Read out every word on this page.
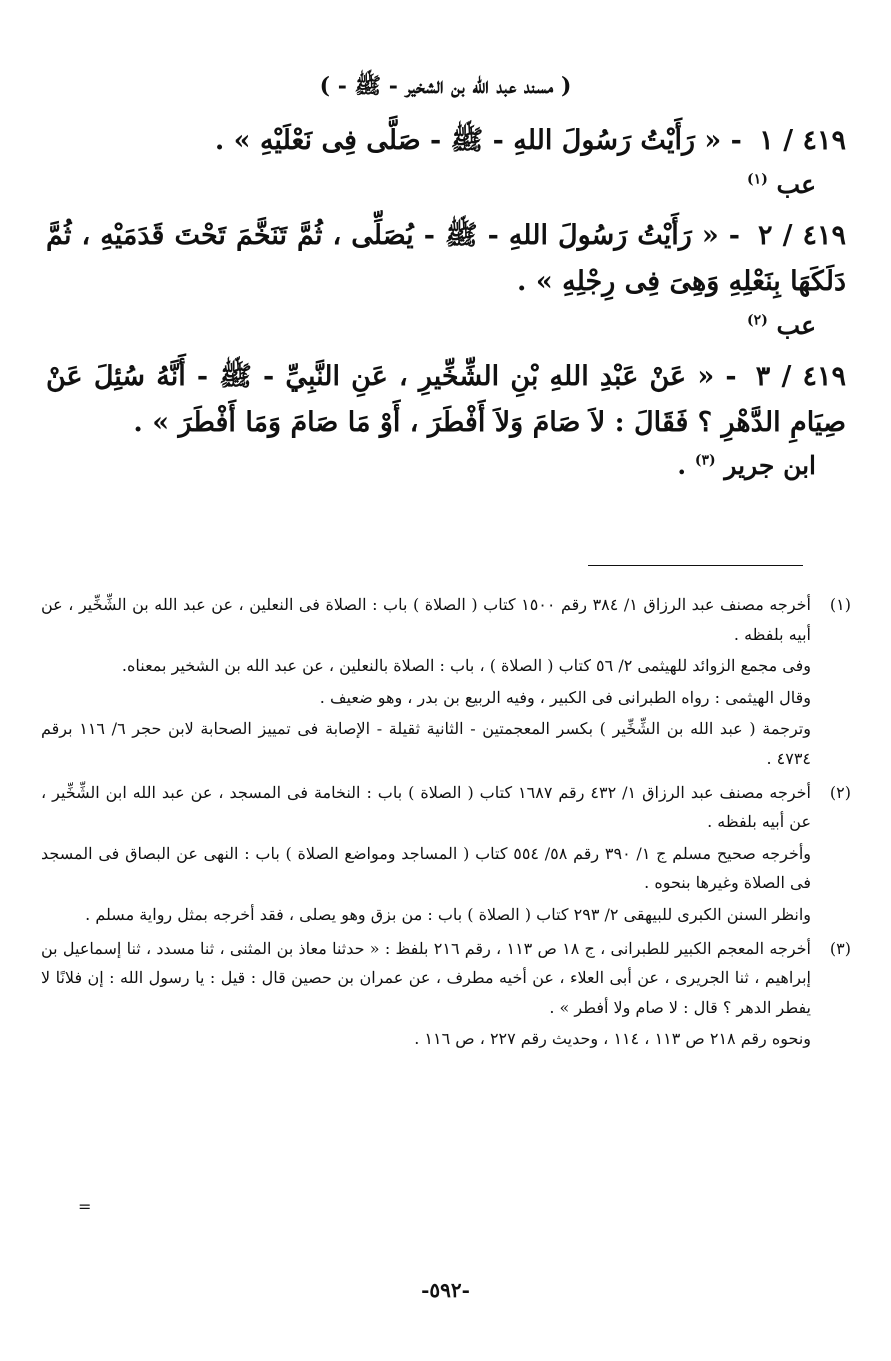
( مسند عبد الله بن الشخير - ﷺ - )
٤١٩ / ١ - « رَأَيْتُ رَسُولَ اللهِ - ﷺ - صَلَّى فِى نَعْلَيْهِ » .
عب $^{(١)}$
٤١٩ / ٢ - « رَأَيْتُ رَسُولَ اللهِ - ﷺ - يُصَلِّى ، ثُمَّ تَنَخَّمَ تَحْتَ قَدَمَيْهِ ، ثُمَّ دَلَكَهَا بِنَعْلِهِ وَهِىَ فِى رِجْلِهِ » .
عب $^{(٢)}$
٤١٩ / ٣ - « عَنْ عَبْدِ اللهِ بْنِ الشِّخِّيرِ ، عَنِ النَّبِيِّ - ﷺ - أَنَّهُ سُئِلَ عَنْ صِيَامِ الدَّهْرِ ؟ فَقَالَ : لاَ صَامَ وَلاَ أَفْطَرَ ، أَوْ مَا صَامَ وَمَا أَفْطَرَ » .
ابن جرير $^{(٣)}$ .
(١)

أخرجه مصنف عبد الرزاق ١/ ٣٨٤ رقم ١٥٠٠ كتاب ( الصلاة ) باب : الصلاة فى النعلين ، عن عبد الله بن الشِّخِّير ، عن أبيه بلفظه .

وفى مجمع الزوائد للهيثمى ٢/ ٥٦ كتاب ( الصلاة ) ، باب : الصلاة بالنعلين ، عن عبد الله بن الشخير بمعناه.

وقال الهيثمى : رواه الطبرانى فى الكبير ، وفيه الربيع بن بدر ، وهو ضعيف .

وترجمة ( عبد الله بن الشِّخِّير ) بكسر المعجمتين - الثانية ثقيلة - الإصابة فى تمييز الصحابة لابن حجر ٦/ ١١٦ برقم ٤٧٣٤ .

(٢)

أخرجه مصنف عبد الرزاق ١/ ٤٣٢ رقم ١٦٨٧ كتاب ( الصلاة ) باب : النخامة فى المسجد ، عن عبد الله ابن الشِّخِّير ، عن أبيه بلفظه .

وأخرجه صحيح مسلم ج ١/ ٣٩٠ رقم ٥٨/ ٥٥٤ كتاب ( المساجد ومواضع الصلاة ) باب : النهى عن البصاق فى المسجد فى الصلاة وغيرها بنحوه .

وانظر السنن الكبرى للبيهقى ٢/ ٢٩٣ كتاب ( الصلاة ) باب : من بزق وهو يصلى ، فقد أخرجه بمثل رواية مسلم .

(٣)

أخرجه المعجم الكبير للطبرانى ، ج ١٨ ص ١١٣ ، رقم ٢١٦ بلفظ : « حدثنا معاذ بن المثنى ، ثنا مسدد ، ثنا إسماعيل بن إبراهيم ، ثنا الجريرى ، عن أبى العلاء ، عن أخيه مطرف ، عن عمران بن حصين قال : قيل : يا رسول الله : إن فلانًا لا يفطر الدهر ؟ قال : لا صام ولا أفطر » .

ونحوه رقم ٢١٨ ص ١١٣ ، ١١٤ ، وحديث رقم ٢٢٧ ، ص ١١٦ .

=
-٥٩٢-
